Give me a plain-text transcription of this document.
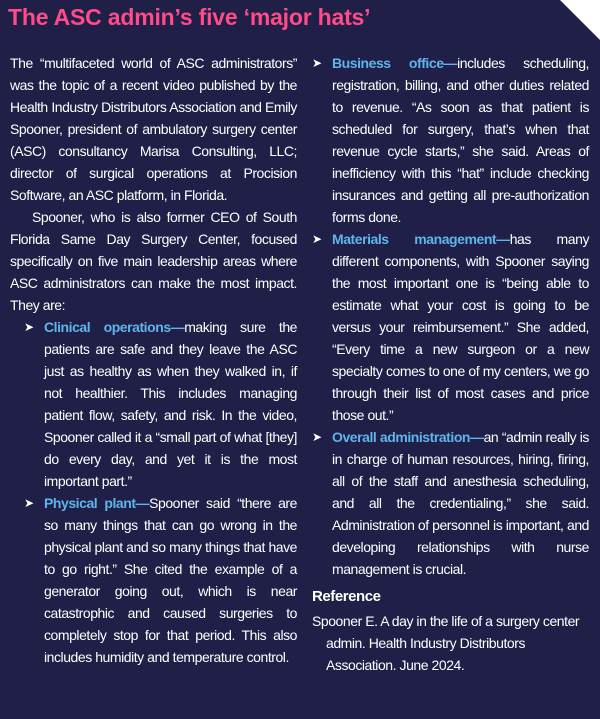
The ASC admin’s five ‘major hats’

The “multifaceted world of ASC administrators” was the topic of a recent video published by the Health Industry Distributors Association and Emily Spooner, president of ambulatory surgery center (ASC) consultancy Marisa Consulting, LLC; director of surgical operations at Procision Software, an ASC platform, in Florida.

Spooner, who is also former CEO of South Florida Same Day Surgery Center, focused specifically on five main leadership areas where ASC administrators can make the most impact. They are:

➤ Clinical operations—making sure the patients are safe and they leave the ASC just as healthy as when they walked in, if not healthier. This includes managing patient flow, safety, and risk. In the video, Spooner called it a “small part of what [they] do every day, and yet it is the most important part.”
➤ Physical plant—Spooner said “there are so many things that can go wrong in the physical plant and so many things that have to go right.” She cited the example of a generator going out, which is near catastrophic and caused surgeries to completely stop for that period. This also includes humidity and temperature control.
➤ Business office—includes scheduling, registration, billing, and other duties related to revenue. “As soon as that patient is scheduled for surgery, that’s when that revenue cycle starts,” she said. Areas of inefficiency with this “hat” include checking insurances and getting all pre-authorization forms done.
➤ Materials management—has many different components, with Spooner saying the most important one is “being able to estimate what your cost is going to be versus your reimbursement.” She added, “Every time a new surgeon or a new specialty comes to one of my centers, we go through their list of most cases and price those out.”
➤ Overall administration—an “admin really is in charge of human resources, hiring, firing, all of the staff and anesthesia scheduling, and all the credentialing,” she said. Administration of personnel is important, and developing relationships with nurse management is crucial.
Reference

Spooner E. A day in the life of a surgery center admin. Health Industry Distributors Association. June 2024.
